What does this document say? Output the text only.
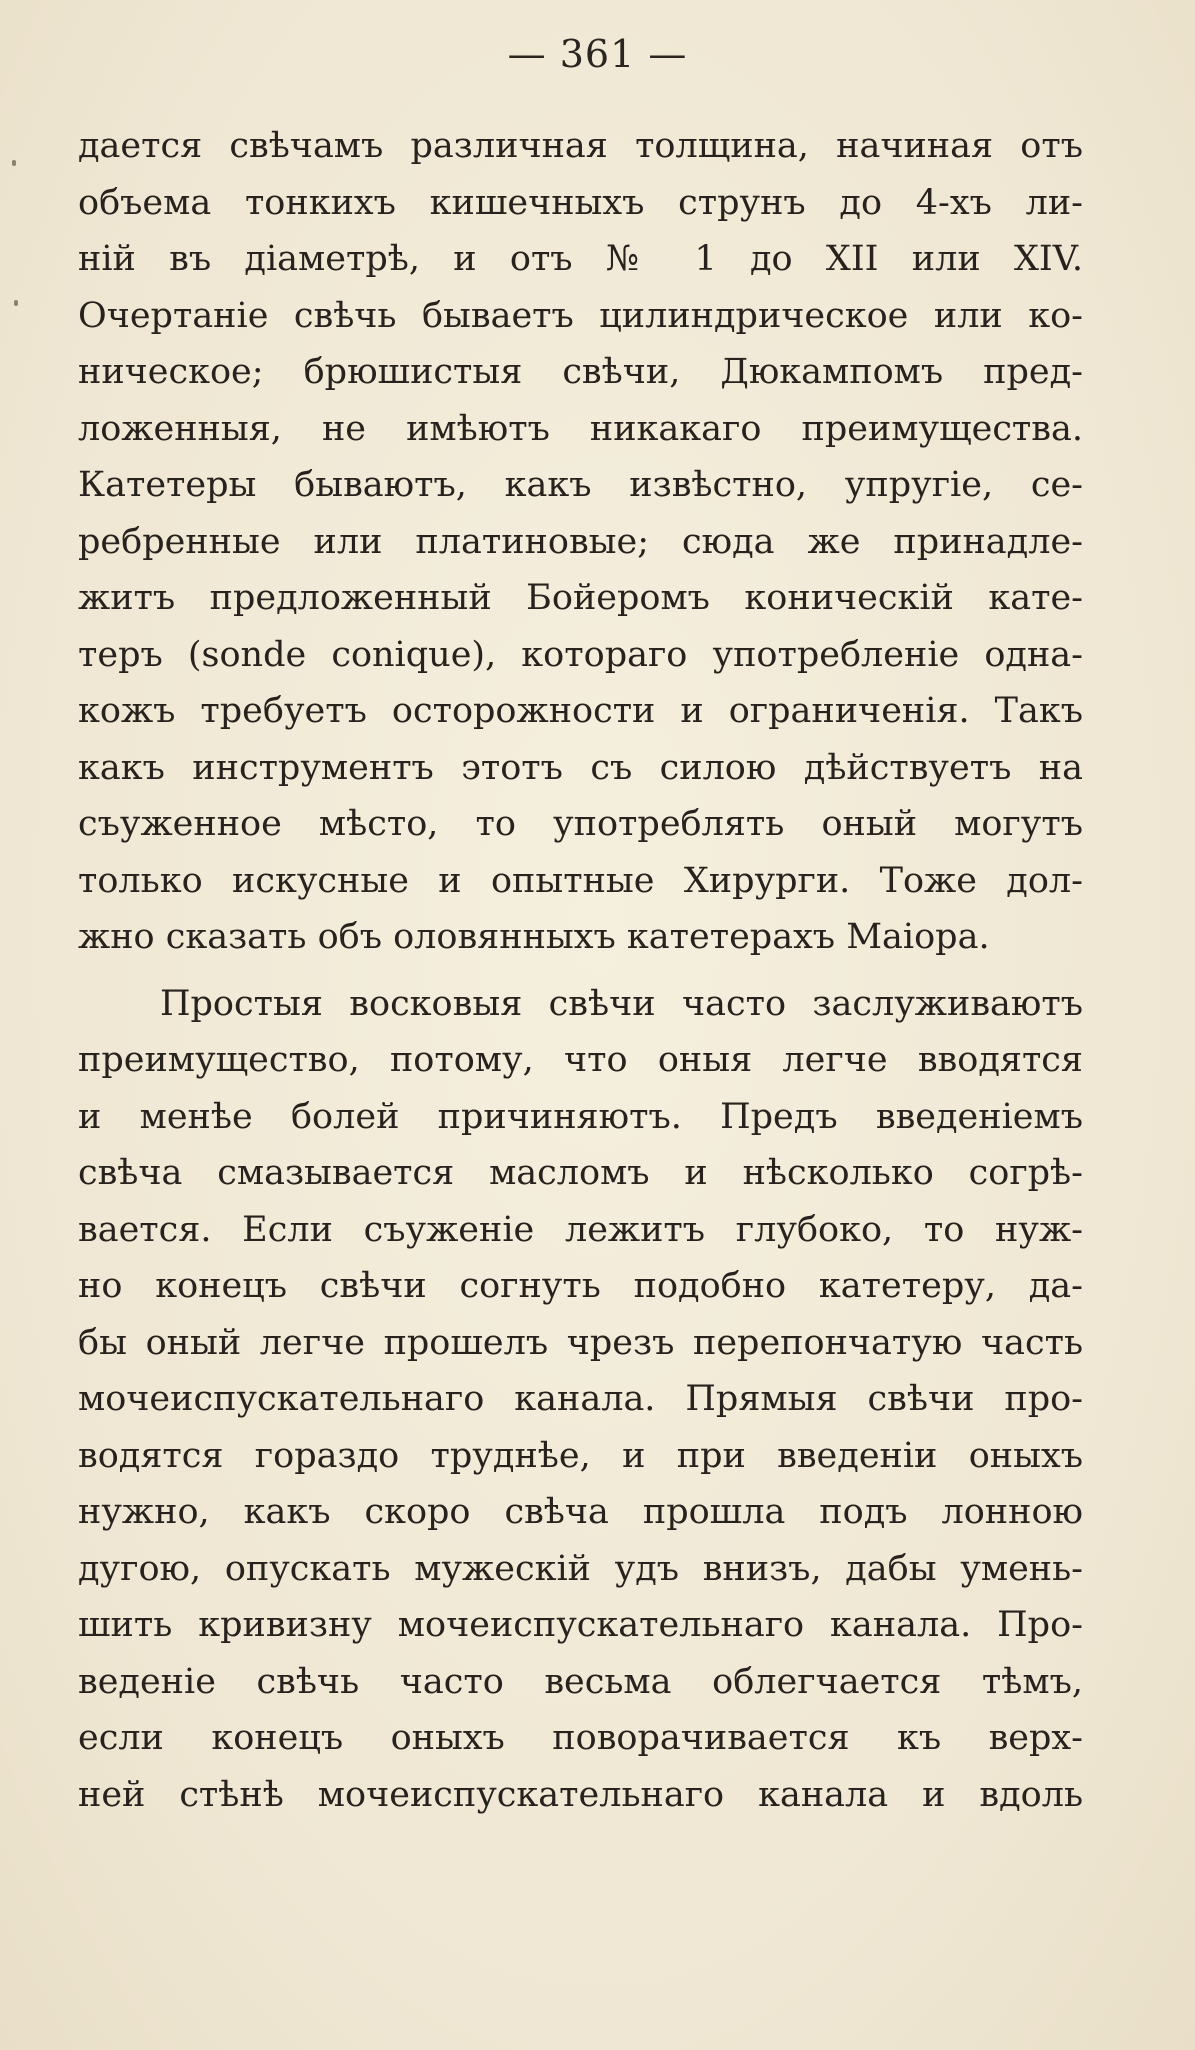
— 361 —
дается свѣчамъ различная толщина, начиная отъ
объема тонкихъ кишечныхъ струнъ до 4-хъ ли-
ній въ діаметрѣ, и отъ № 1 до XII или XIV.
Очертаніе свѣчь бываетъ цилиндрическое или ко-
ническое; брюшистыя свѣчи, Дюкампомъ пред-
ложенныя, не имѣютъ никакаго преимущества.
Катетеры бываютъ, какъ извѣстно, упругіе, се-
ребренные или платиновые; сюда же принадле-
житъ предложенный Бойеромъ коническій кате-
теръ (sonde conique), котораго употребленіе одна-
кожъ требуетъ осторожности и ограниченія. Такъ
какъ инструментъ этотъ съ силою дѣйствуетъ на
съуженное мѣсто, то употреблять оный могутъ
только искусные и опытные Хирурги. Тоже дол-
жно сказать объ оловянныхъ катетерахъ Маіора.
Простыя восковыя свѣчи часто заслуживаютъ
преимущество, потому, что оныя легче вводятся
и менѣе болей причиняютъ. Предъ введеніемъ
свѣча смазывается масломъ и нѣсколько согрѣ-
вается. Если съуженіе лежитъ глубоко, то нуж-
но конецъ свѣчи согнуть подобно катетеру, да-
бы оный легче прошелъ чрезъ перепончатую часть
мочеиспускательнаго канала. Прямыя свѣчи про-
водятся гораздо труднѣе, и при введеніи оныхъ
нужно, какъ скоро свѣча прошла подъ лонною
дугою, опускать мужескій удъ внизъ, дабы умень-
шить кривизну мочеиспускательнаго канала. Про-
веденіе свѣчь часто весьма облегчается тѣмъ,
если конецъ оныхъ поворачивается къ верх-
ней стѣнѣ мочеиспускательнаго канала и вдоль
